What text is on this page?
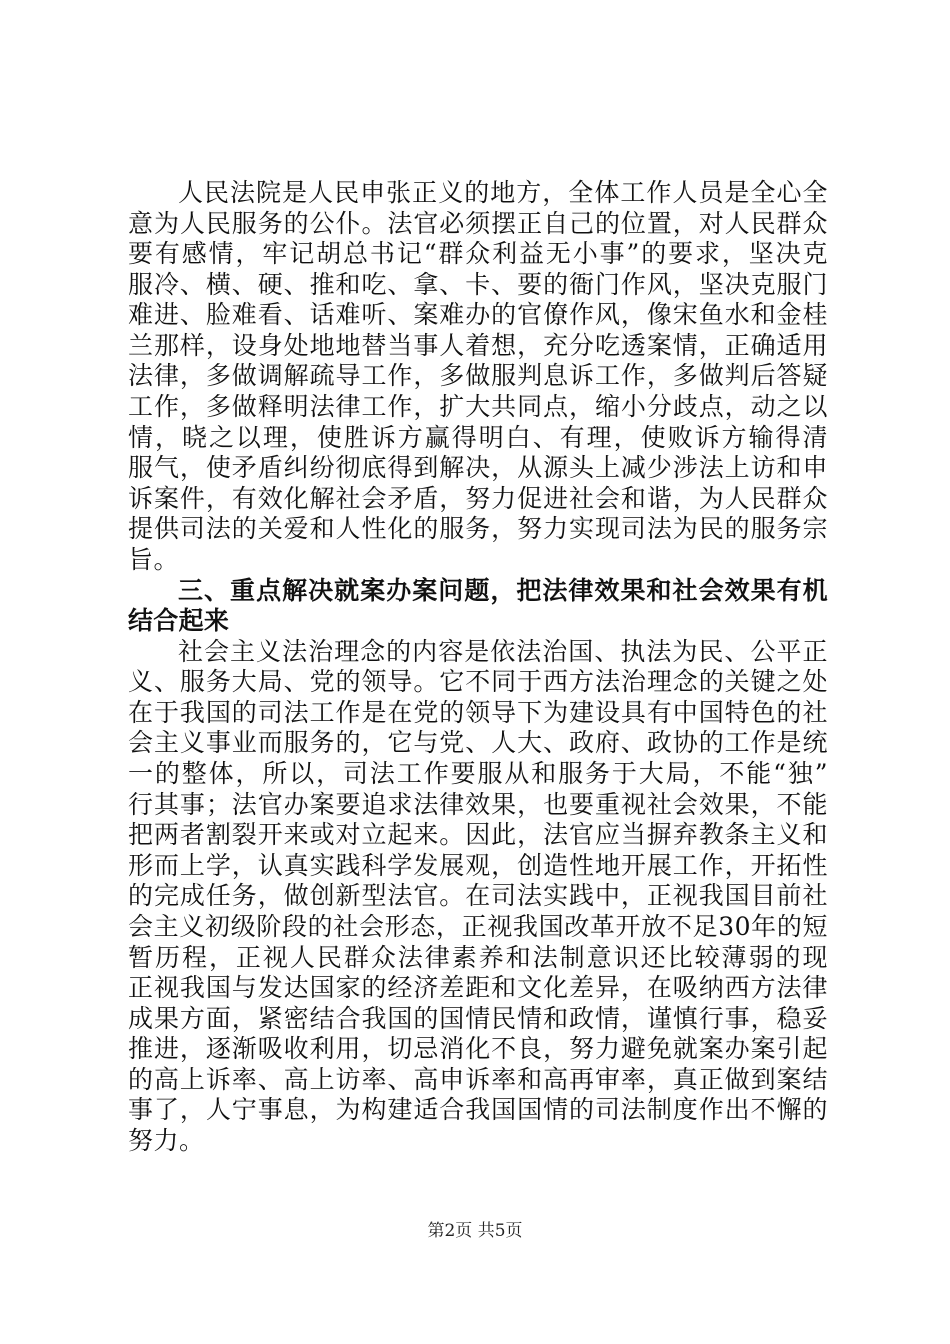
人民法院是人民申张正义的地方，全体工作人员是全心全

意为人民服务的公仆。法官必须摆正自己的位置，对人民群众

要有感情，牢记胡总书记“群众利益无小事”的要求，坚决克

服冷、横、硬、推和吃、拿、卡、要的衙门作风，坚决克服门

难进、脸难看、话难听、案难办的官僚作风，像宋鱼水和金桂

兰那样，设身处地地替当事人着想，充分吃透案情，正确适用

法律，多做调解疏导工作，多做服判息诉工作，多做判后答疑

工作，多做释明法律工作，扩大共同点，缩小分歧点，动之以

情，晓之以理，使胜诉方赢得明白、有理，使败诉方输得清

服气，使矛盾纠纷彻底得到解决，从源头上减少涉法上访和申

诉案件，有效化解社会矛盾，努力促进社会和谐，为人民群众

提供司法的关爱和人性化的服务，努力实现司法为民的服务宗

旨。

三、重点解决就案办案问题，把法律效果和社会效果有机

结合起来

社会主义法治理念的内容是依法治国、执法为民、公平正

义、服务大局、党的领导。它不同于西方法治理念的关键之处

在于我国的司法工作是在党的领导下为建设具有中国特色的社

会主义事业而服务的，它与党、人大、政府、政协的工作是统

一的整体，所以，司法工作要服从和服务于大局，不能“独”

行其事；法官办案要追求法律效果，也要重视社会效果，不能

把两者割裂开来或对立起来。因此，法官应当摒弃教条主义和

形而上学，认真实践科学发展观，创造性地开展工作，开拓性

的完成任务，做创新型法官。在司法实践中，正视我国目前社

会主义初级阶段的社会形态，正视我国改革开放不足30年的短

暂历程，正视人民群众法律素养和法制意识还比较薄弱的现

正视我国与发达国家的经济差距和文化差异，在吸纳西方法律

成果方面，紧密结合我国的国情民情和政情，谨慎行事，稳妥

推进，逐渐吸收利用，切忌消化不良，努力避免就案办案引起

的高上诉率、高上访率、高申诉率和高再审率，真正做到案结

事了，人宁事息，为构建适合我国国情的司法制度作出不懈的

努力。

第2页 共5页
